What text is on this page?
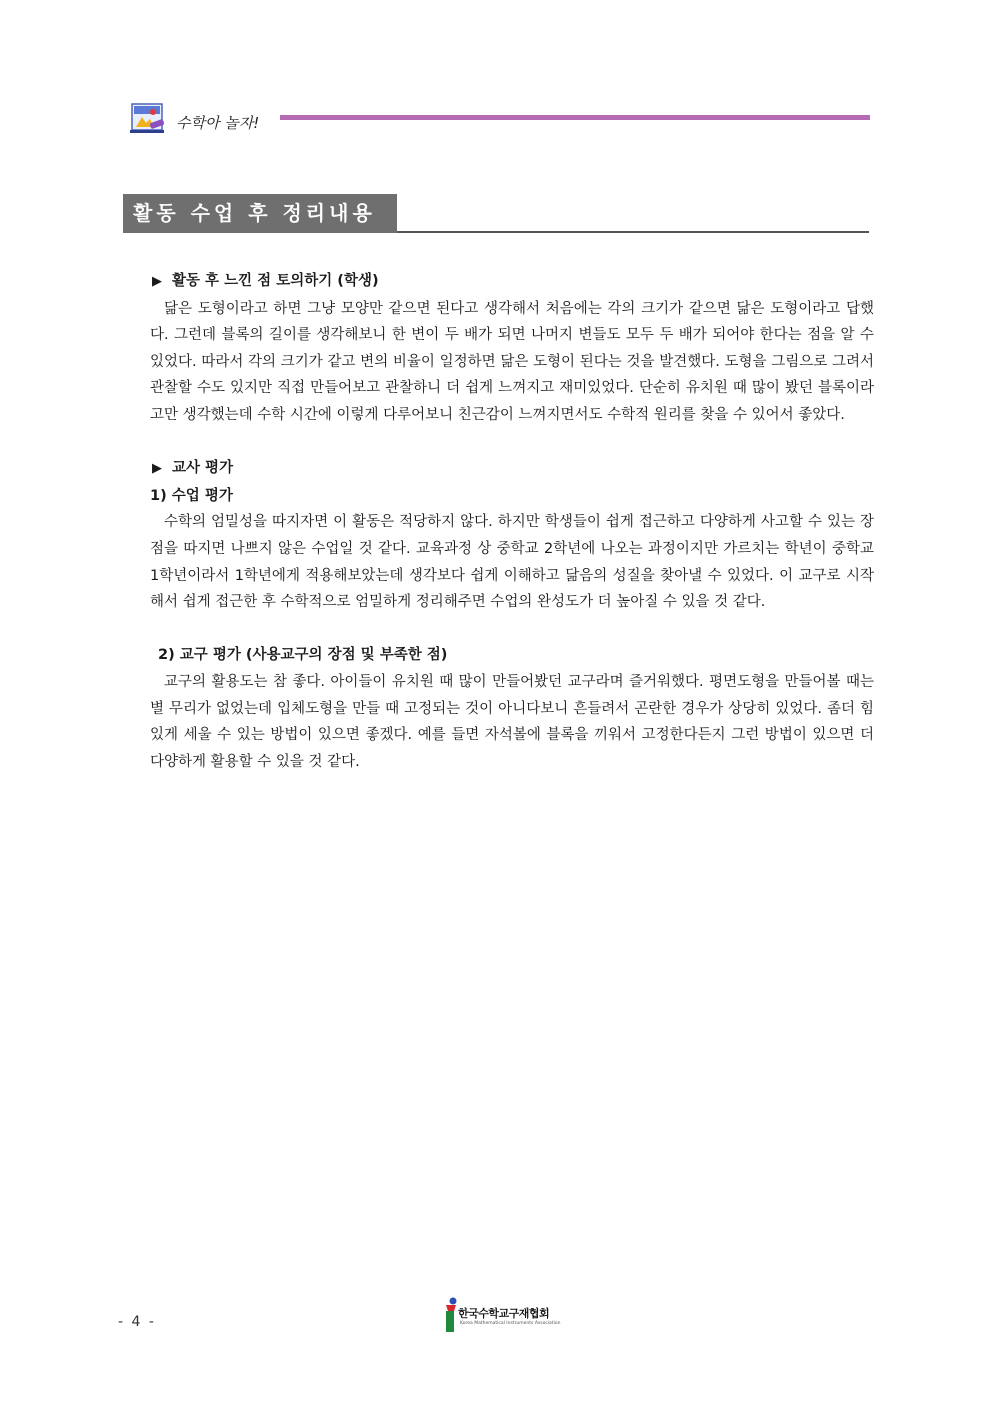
수학아 놀자!
활동 수업 후 정리내용
▶ 활동 후 느낀 점 토의하기 (학생)

닮은 도형이라고 하면 그냥 모양만 같으면 된다고 생각해서 처음에는 각의 크기가 같으면 닮은 도형이라고 답했다. 그런데 블록의 길이를 생각해보니 한 변이 두 배가 되면 나머지 변들도 모두 두 배가 되어야 한다는 점을 알 수 있었다. 따라서 각의 크기가 같고 변의 비율이 일정하면 닮은 도형이 된다는 것을 발견했다. 도형을 그림으로 그려서 관찰할 수도 있지만 직접 만들어보고 관찰하니 더 쉽게 느껴지고 재미있었다. 단순히 유치원 때 많이 봤던 블록이라고만 생각했는데 수학 시간에 이렇게 다루어보니 친근감이 느껴지면서도 수학적 원리를 찾을 수 있어서 좋았다.

▶ 교사 평가
1) 수업 평가

수학의 엄밀성을 따지자면 이 활동은 적당하지 않다. 하지만 학생들이 쉽게 접근하고 다양하게 사고할 수 있는 장점을 따지면 나쁘지 않은 수업일 것 같다. 교육과정 상 중학교 2학년에 나오는 과정이지만 가르치는 학년이 중학교 1학년이라서 1학년에게 적용해보았는데 생각보다 쉽게 이해하고 닮음의 성질을 찾아낼 수 있었다. 이 교구로 시작해서 쉽게 접근한 후 수학적으로 엄밀하게 정리해주면 수업의 완성도가 더 높아질 수 있을 것 같다.

2) 교구 평가 (사용교구의 장점 및 부족한 점)

교구의 활용도는 참 좋다. 아이들이 유치원 때 많이 만들어봤던 교구라며 즐거워했다. 평면도형을 만들어볼 때는 별 무리가 없었는데 입체도형을 만들 때 고정되는 것이 아니다보니 흔들려서 곤란한 경우가 상당히 있었다. 좀더 힘있게 세울 수 있는 방법이 있으면 좋겠다. 예를 들면 자석볼에 블록을 끼워서 고정한다든지 그런 방법이 있으면 더 다양하게 활용할 수 있을 것 같다.

- 4 -
한국수학교구재협회
Korea Mathematical Instruments Association
